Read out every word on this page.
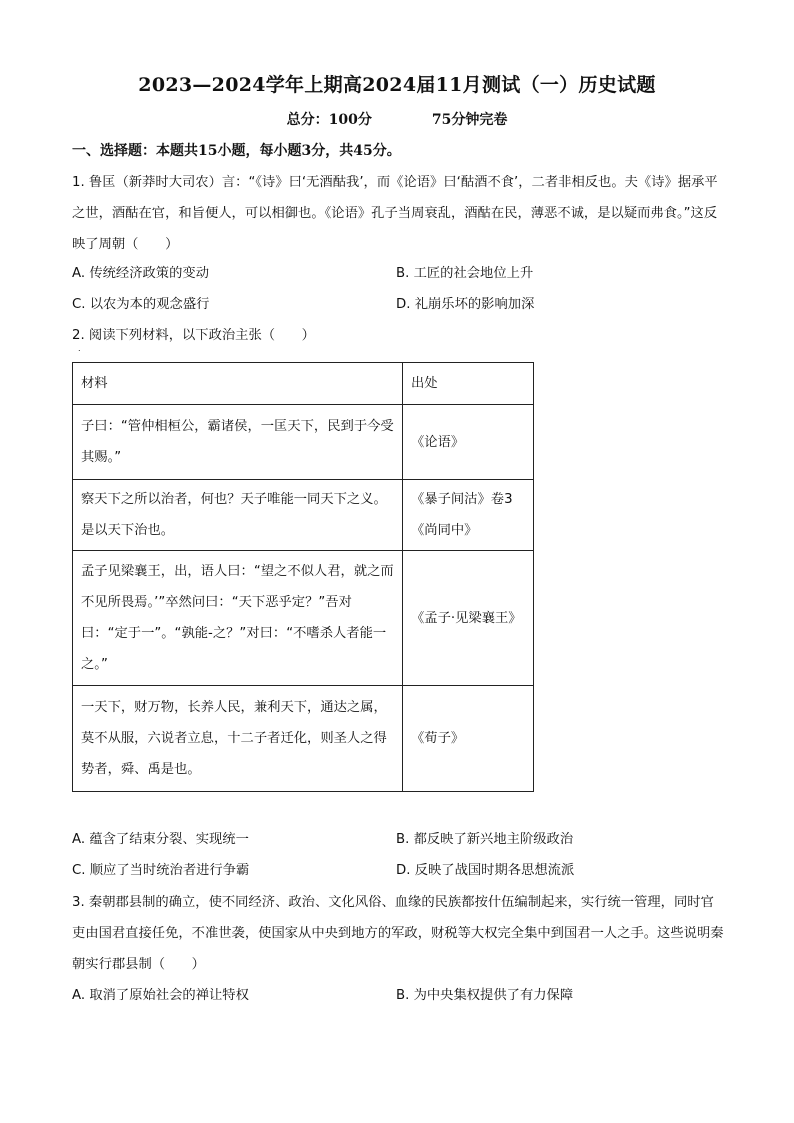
2023—2024学年上期高2024届11月测试（一）历史试题
总分：100分	75分钟完卷
一、选择题：本题共15小题，每小题3分，共45分。
1. 鲁匡（新莽时大司农）言：“《诗》曰‘无酒酤我’，而《论语》曰‘酤酒不食’，二者非相反也。夫《诗》据承平之世，酒酤在官，和旨便人，可以相御也。《论语》孔子当周衰乱，酒酤在民，薄恶不诚，是以疑而弗食。”这反映了周朝（　　）
A. 传统经济政策的变动	B. 工匠的社会地位上升
C. 以农为本的观念盛行	D. 礼崩乐坏的影响加深
2. 阅读下列材料，以下政治主张（　　）
.
材料	出处
子曰：“管仲相桓公，霸诸侯，一匡天下，民到于今受其赐。”	《论语》
察天下之所以治者，何也？天子唯能一同天下之义。是以天下治也。	《暴子间沽》卷3《尚同中》
孟子见梁襄王，出，语人曰：“望之不似人君，就之而不见所畏焉。’”卒然问曰：“天下恶乎定？”吾对曰：“定于一”。“孰能-之？”对曰：“不嗜杀人者能一之。”	《孟子·见梁襄王》
一天下，财万物，长养人民，兼利天下，通达之属，莫不从服，六说者立息，十二子者迁化，则圣人之得势者，舜、禹是也。	《荀子》
A. 蕴含了结束分裂、实现统一	B. 都反映了新兴地主阶级政治
C. 顺应了当时统治者进行争霸	D. 反映了战国时期各思想流派
3. 秦朝郡县制的确立，使不同经济、政治、文化风俗、血缘的民族都按什伍编制起来，实行统一管理，同时官吏由国君直接任免，不准世袭，使国家从中央到地方的军政，财税等大权完全集中到国君一人之手。这些说明秦朝实行郡县制（　　）
A. 取消了原始社会的禅让特权	B. 为中央集权提供了有力保障
